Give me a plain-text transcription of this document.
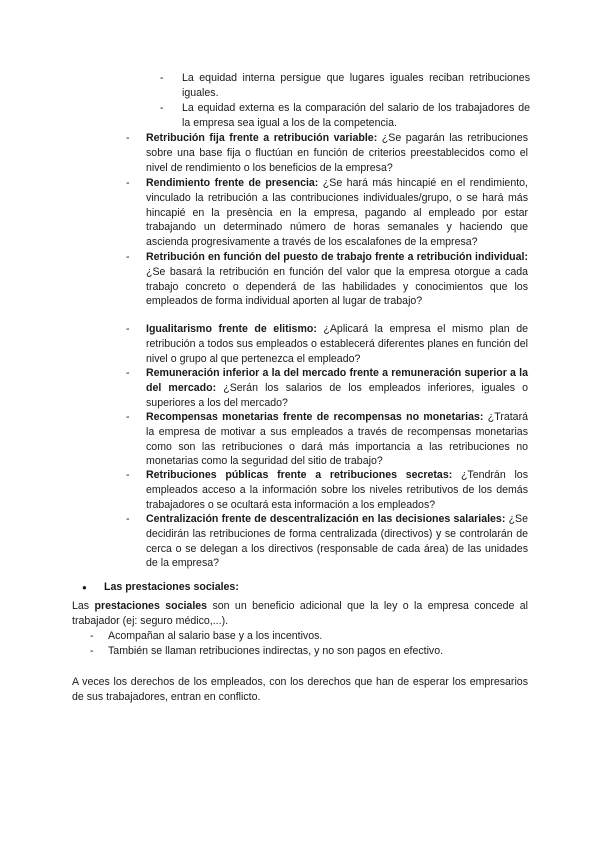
-	La equidad interna persigue que lugares iguales reciban retribuciones iguales.
-	La equidad externa es la comparación del salario de los trabajadores de la empresa sea igual a los de la competencia.
-	Retribución fija frente a retribución variable: ¿Se pagarán las retribuciones sobre una base fija o fluctúan en función de criterios preestablecidos como el nivel de rendimiento o los beneficios de la empresa?
-	Rendimiento frente de presencia: ¿Se hará más hincapié en el rendimiento, vinculado la retribución a las contribuciones individuales/grupo, o se hará más hincapié en la presència en la empresa, pagando al empleado por estar trabajando un determinado número de horas semanales y haciendo que ascienda progresivamente a través de los escalafones de la empresa?
-	Retribución en función del puesto de trabajo frente a retribución individual: ¿Se basará la retribución en función del valor que la empresa otorgue a cada trabajo concreto o dependerá de las habilidades y conocimientos que los empleados de forma individual aporten al lugar de trabajo?
-	Igualitarismo frente de elitismo: ¿Aplicará la empresa el mismo plan de retribución a todos sus empleados o establecerá diferentes planes en función del nivel o grupo al que pertenezca el empleado?
-	Remuneración inferior a la del mercado frente a remuneración superior a la del mercado: ¿Serán los salarios de los empleados inferiores, iguales o superiores a los del mercado?
-	Recompensas monetarias frente de recompensas no monetarias: ¿Tratará la empresa de motivar a sus empleados a través de recompensas monetarias como son las retribuciones o dará más importancia a las retribuciones no monetarias como la seguridad del sitio de trabajo?
-	Retribuciones públicas frente a retribuciones secretas: ¿Tendrán los empleados acceso a la información sobre los niveles retributivos de los demás trabajadores o se ocultará esta información a los empleados?
-	Centralización frente de descentralización en las decisiones salariales: ¿Se decidirán las retribuciones de forma centralizada (directivos) y se controlarán de cerca o se delegan a los directivos (responsable de cada área) de las unidades de la empresa?
● Las prestaciones sociales:
Las prestaciones sociales son un beneficio adicional que la ley o la empresa concede al trabajador (ej: seguro médico,...).
- Acompañan al salario base y a los incentivos.
- También se llaman retribuciones indirectas, y no son pagos en efectivo.
A veces los derechos de los empleados, con los derechos que han de esperar los empresarios de sus trabajadores, entran en conflicto.
